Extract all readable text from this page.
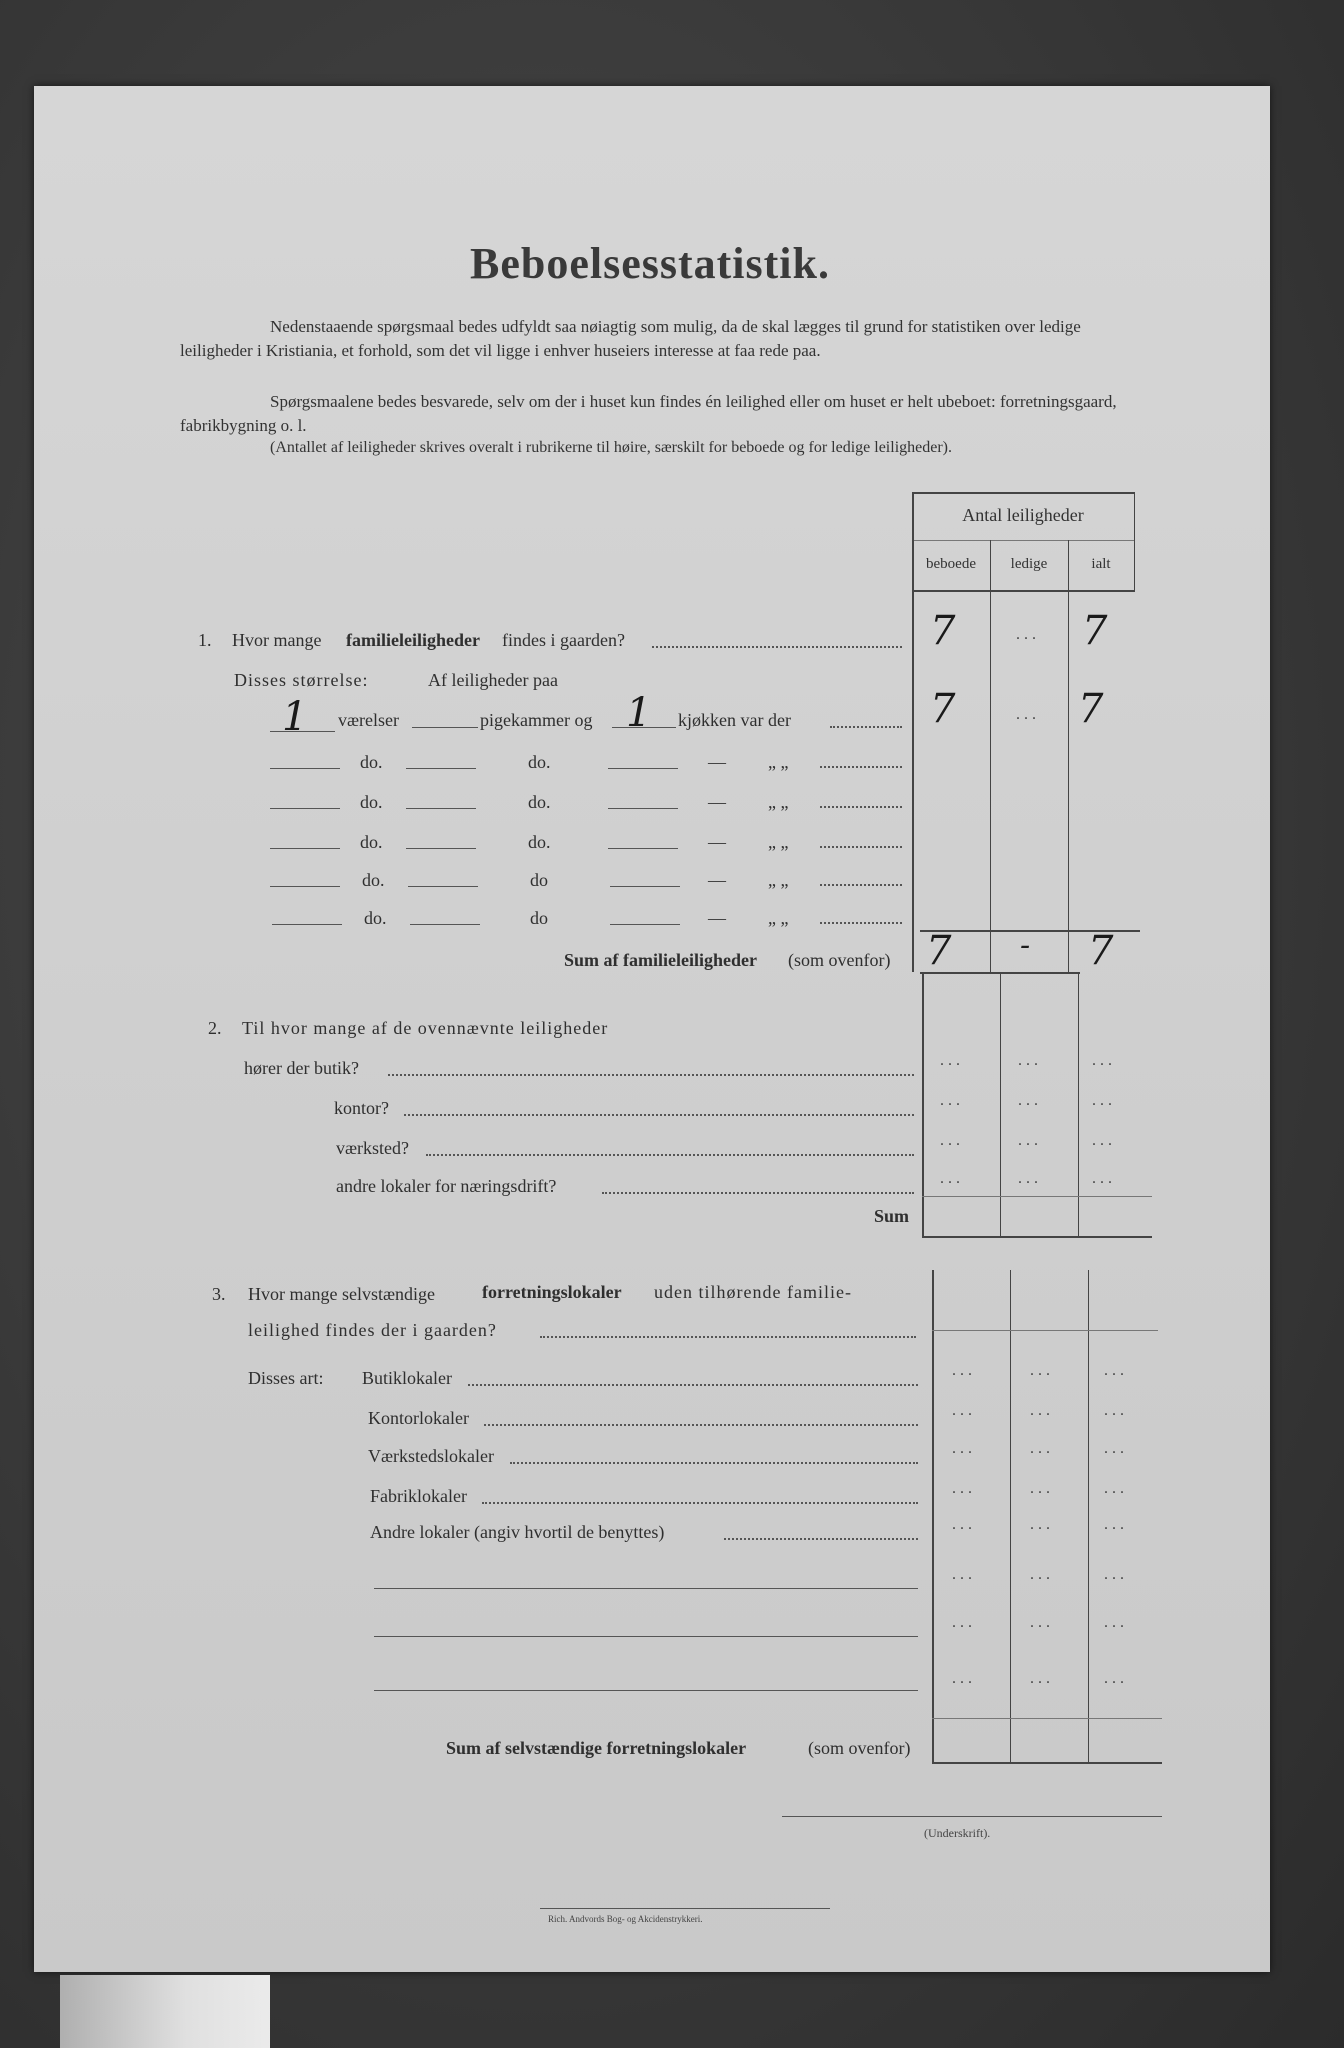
Beboelsesstatistik.
Nedenstaaende spørgsmaal bedes udfyldt saa nøiagtig som mulig, da de skal lægges til grund for statistiken over ledige leiligheder i Kristiania, et forhold, som det vil ligge i enhver huseiers interesse at faa rede paa.
Spørgsmaalene bedes besvarede, selv om der i huset kun findes én leilighed eller om huset er helt ubeboet: forretningsgaard, fabrikbygning o. l.
(Antallet af leiligheder skrives overalt i rubrikerne til høire, særskilt for beboede og for ledige leiligheder).
Antal leiligheder
beboede	ledige	ialt
1. Hvor mange familieleiligheder findes i gaarden?	7	... 7
Disses størrelse:	Af leiligheder paa
1 værelser	pigekammer og 1 kjøkken var der	7	... 7
do.	do.	— „ „
do.	do.	— „ „
do.	do.	— „ „
do.	do	— „ „
do.	do	— „ „
Sum af familieleiligheder (som ovenfor) 7 - 7
2. Til hvor mange af de ovennævnte leiligheder
hører der butik?	...	...	...
kontor?	...	...	...
værksted?	...	...	...
andre lokaler for næringsdrift?	...	...	...
Sum
3. Hvor mange selvstændige	forretningslokaler uden tilhørende familie-
leilighed findes der i gaarden?
Disses art: Butiklokaler	...	...	...
Kontorlokaler	...	...	...
Værkstedslokaler	...	...	...
Fabriklokaler	...	...	...
Andre lokaler (angiv hvortil de benyttes)	...	...	...
...	...	...
...	...	...
...	...	...
Sum af selvstændige forretningslokaler	(som ovenfor)
(Underskrift).
Rich. Andvords Bog- og Akcidenstrykkeri.
